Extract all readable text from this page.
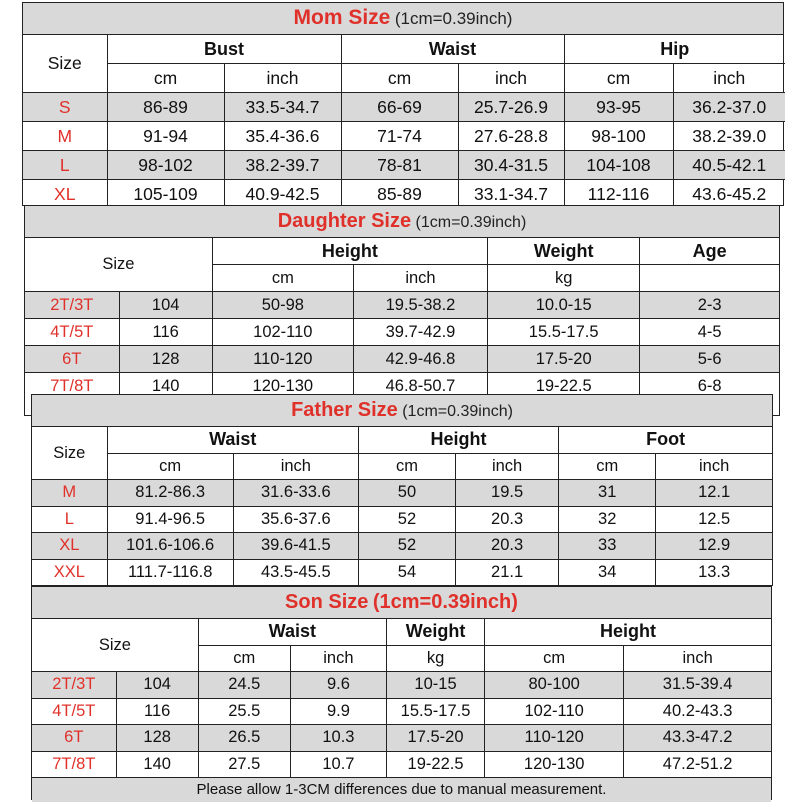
Mom Size (1cm=0.39inch)
Size	Bust		Waist		Hip	
	cm	inch	cm	inch	cm	inch
S	86-89	33.5-34.7	66-69	25.7-26.9	93-95	36.2-37.0
M	91-94	35.4-36.6	71-74	27.6-28.8	98-100	38.2-39.0
L	98-102	38.2-39.7	78-81	30.4-31.5	104-108	40.5-42.1
XL	105-109	40.9-42.5	85-89	33.1-34.7	112-116	43.6-45.2
Daughter Size (1cm=0.39inch)
Size		Height		Weight	Age
		cm	inch	kg	
2T/3T	104	50-98	19.5-38.2	10.0-15	2-3
4T/5T	116	102-110	39.7-42.9	15.5-17.5	4-5
6T	128	110-120	42.9-46.8	17.5-20	5-6
7T/8T	140	120-130	46.8-50.7	19-22.5	6-8
Father Size (1cm=0.39inch)
Size	Waist		Height		Foot	
	cm	inch	cm	inch	cm	inch
M	81.2-86.3	31.6-33.6	50	19.5	31	12.1
L	91.4-96.5	35.6-37.6	52	20.3	32	12.5
XL	101.6-106.6	39.6-41.5	52	20.3	33	12.9
XXL	111.7-116.8	43.5-45.5	54	21.1	34	13.3
Son Size (1cm=0.39inch)
Size		Waist		Weight	Height	
		cm	inch	kg	cm	inch
2T/3T	104	24.5	9.6	10-15	80-100	31.5-39.4
4T/5T	116	25.5	9.9	15.5-17.5	102-110	40.2-43.3
6T	128	26.5	10.3	17.5-20	110-120	43.3-47.2
7T/8T	140	27.5	10.7	19-22.5	120-130	47.2-51.2
Please allow 1-3CM differences due to manual measurement.
